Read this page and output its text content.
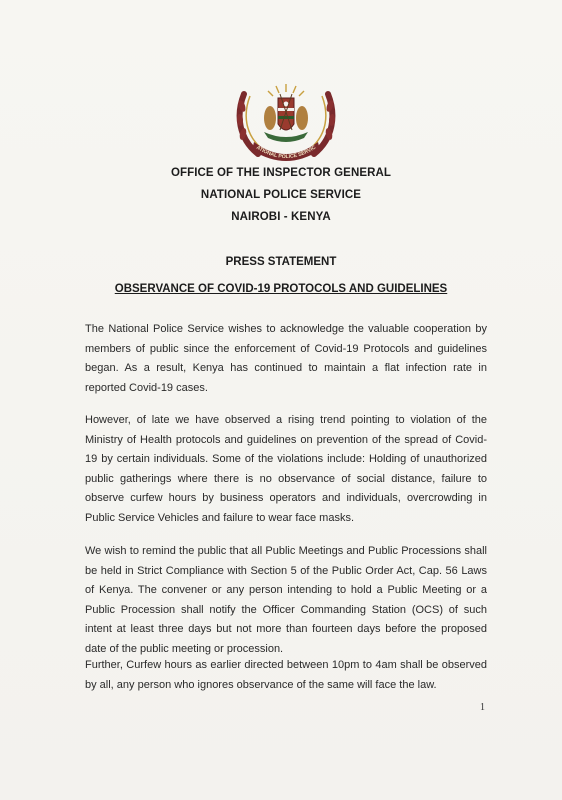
ATIONAL POLICE SERVIC
OFFICE OF THE INSPECTOR GENERAL
NATIONAL POLICE SERVICE
NAIROBI - KENYA
PRESS STATEMENT
OBSERVANCE OF COVID-19 PROTOCOLS AND GUIDELINES
The National Police Service wishes to acknowledge the valuable cooperation by members of public since the enforcement of Covid-19 Protocols and guidelines began. As a result, Kenya has continued to maintain a flat infection rate in reported Covid-19 cases.
However, of late we have observed a rising trend pointing to violation of the Ministry of Health protocols and guidelines on prevention of the spread of Covid-19 by certain individuals. Some of the violations include: Holding of unauthorized public gatherings where there is no observance of social distance, failure to observe curfew hours by business operators and individuals, overcrowding in Public Service Vehicles and failure to wear face masks.
We wish to remind the public that all Public Meetings and Public Processions shall be held in Strict Compliance with Section 5 of the Public Order Act, Cap. 56 Laws of Kenya. The convener or any person intending to hold a Public Meeting or a Public Procession shall notify the Officer Commanding Station (OCS) of such intent at least three days but not more than fourteen days before the proposed date of the public meeting or procession.
Further, Curfew hours as earlier directed between 10pm to 4am shall be observed by all, any person who ignores observance of the same will face the law.
1
